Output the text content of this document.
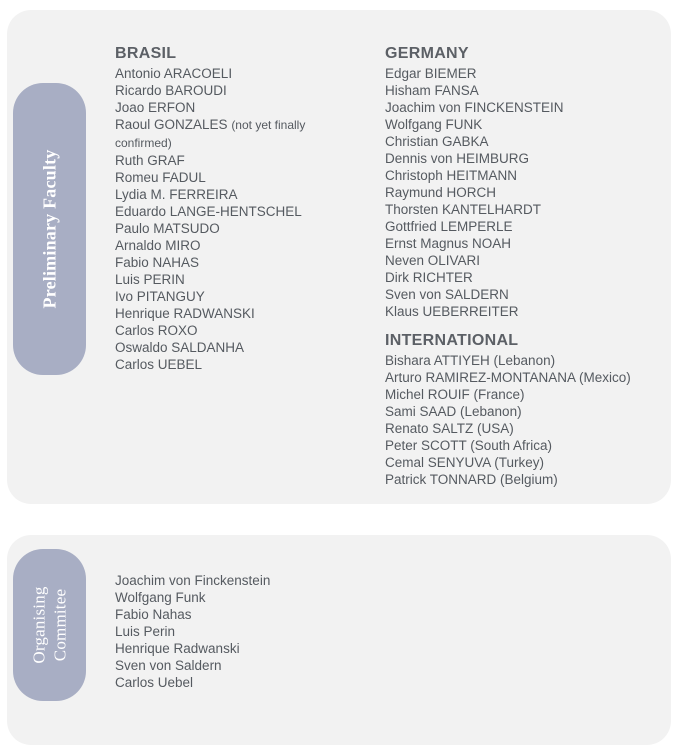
Preliminary Faculty
BRASIL
Antonio ARACOELI
Ricardo BAROUDI
Joao ERFON
Raoul GONZALES (not yet finally confirmed)
Ruth GRAF
Romeu FADUL
Lydia M. FERREIRA
Eduardo LANGE-HENTSCHEL
Paulo MATSUDO
Arnaldo MIRO
Fabio NAHAS
Luis PERIN
Ivo PITANGUY
Henrique RADWANSKI
Carlos ROXO
Oswaldo SALDANHA
Carlos UEBEL
GERMANY
Edgar BIEMER
Hisham FANSA
Joachim von FINCKENSTEIN
Wolfgang FUNK
Christian GABKA
Dennis von HEIMBURG
Christoph HEITMANN
Raymund HORCH
Thorsten KANTELHARDT
Gottfried LEMPERLE
Ernst Magnus NOAH
Neven OLIVARI
Dirk RICHTER
Sven von SALDERN
Klaus UEBERREITER
INTERNATIONAL
Bishara ATTIYEH (Lebanon)
Arturo RAMIREZ-MONTANANA (Mexico)
Michel ROUIF (France)
Sami SAAD (Lebanon)
Renato SALTZ (USA)
Peter SCOTT (South Africa)
Cemal SENYUVA (Turkey)
Patrick TONNARD (Belgium)
Organising Commitee
Joachim von Finckenstein
Wolfgang Funk
Fabio Nahas
Luis Perin
Henrique Radwanski
Sven von Saldern
Carlos Uebel
